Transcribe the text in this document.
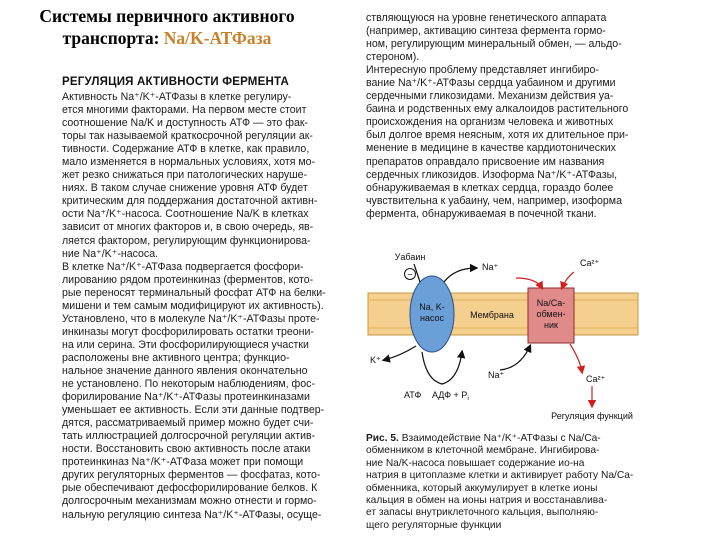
Системы первичного активного
транспорта: Na/K-АТФаза
РЕГУЛЯЦИЯ АКТИВНОСТИ ФЕРМЕНТА
Активность Na⁺/K⁺-АТФазы в клетке регулиру-
ется многими факторами. На первом месте стоит
соотношение Na/K и доступность АТФ — это фак-
торы так называемой краткосрочной регуляции ак-
тивности. Содержание АТФ в клетке, как правило,
мало изменяется в нормальных условиях, хотя мо-
жет резко снижаться при патологических наруше-
ниях. В таком случае снижение уровня АТФ будет
критическим для поддержания достаточной активн-
ости Na⁺/K⁺-насоса. Соотношение Na/K в клетках
зависит от многих факторов и, в свою очередь, яв-
ляется фактором, регулирующим функционирова-
ние Na⁺/K⁺-насоса.
В клетке Na⁺/K⁺-АТФаза подвергается фосфори-
лированию рядом протеинкиназ (ферментов, кото-
рые переносят терминальный фосфат АТФ на белки-
мишени и тем самым модифицируют их активность).
Установлено, что в молекуле Na⁺/K⁺-АТФазы проте-
инкиназы могут фосфорилировать остатки треони-
на или серина. Эти фосфорилирующиеся участки
расположены вне активного центра; функцио-
нальное значение данного явления окончательно
не установлено. По некоторым наблюдениям, фос-
форилирование Na⁺/K⁺-АТФазы протеинкиназами
уменьшает ее активность. Если эти данные подтвер-
дятся, рассматриваемый пример можно будет счи-
тать иллюстрацией долгосрочной регуляции актив-
ности. Восстановить свою активность после атаки
протеинкиназ Na⁺/K⁺-АТФаза может при помощи
других регуляторных ферментов — фосфатаз, кото-
рые обеспечивают дефосфорилирование белков. К
долгосрочным механизмам можно отнести и гормо-
нальную регуляцию синтеза Na⁺/K⁺-АТФазы, осуще-
ствляющуюся на уровне генетического аппарата
(например, активацию синтеза фермента гормо-
ном, регулирующим минеральный обмен, — альдо-
стероном).
Интересную проблему представляет ингибиро-
вание Na⁺/K⁺-АТФазы сердца уабаином и другими
сердечными гликозидами. Механизм действия уа-
баина и родственных ему алкалоидов растительного
происхождения на организм человека и животных
был долгое время неясным, хотя их длительное при-
менение в медицине в качестве кардиотонических
препаратов оправдало присвоение им названия
сердечных гликозидов. Изоформа Na⁺/K⁺-АТФазы,
обнаруживаемая в клетках сердца, гораздо более
чувствительна к уабаину, чем, например, изоформа
фермента, обнаруживаемая в почечной ткани.
Na, K-
насос
Na/Ca-
обмен-
ник
Мембрана
Уабаин
−
Na⁺	Ca²⁺
K⁺
Na⁺	Ca²⁺
Регуляция функций
АТФ АДФ + $P_i$
Рис. 5. Взаимодействие Na⁺/K⁺-АТФазы с Na/Ca-
обменником в клеточной мембране. Ингибирова-
ние Na/K-насоса повышает содержание ио-на
натрия в цитоплазме клетки и активирует работу Na/Ca-
обменника, который аккумулирует в клетке ионы
кальция в обмен на ионы натрия и восстанавлива-
ет запасы внутриклеточного кальция, выполняю-
щего регуляторные функции
